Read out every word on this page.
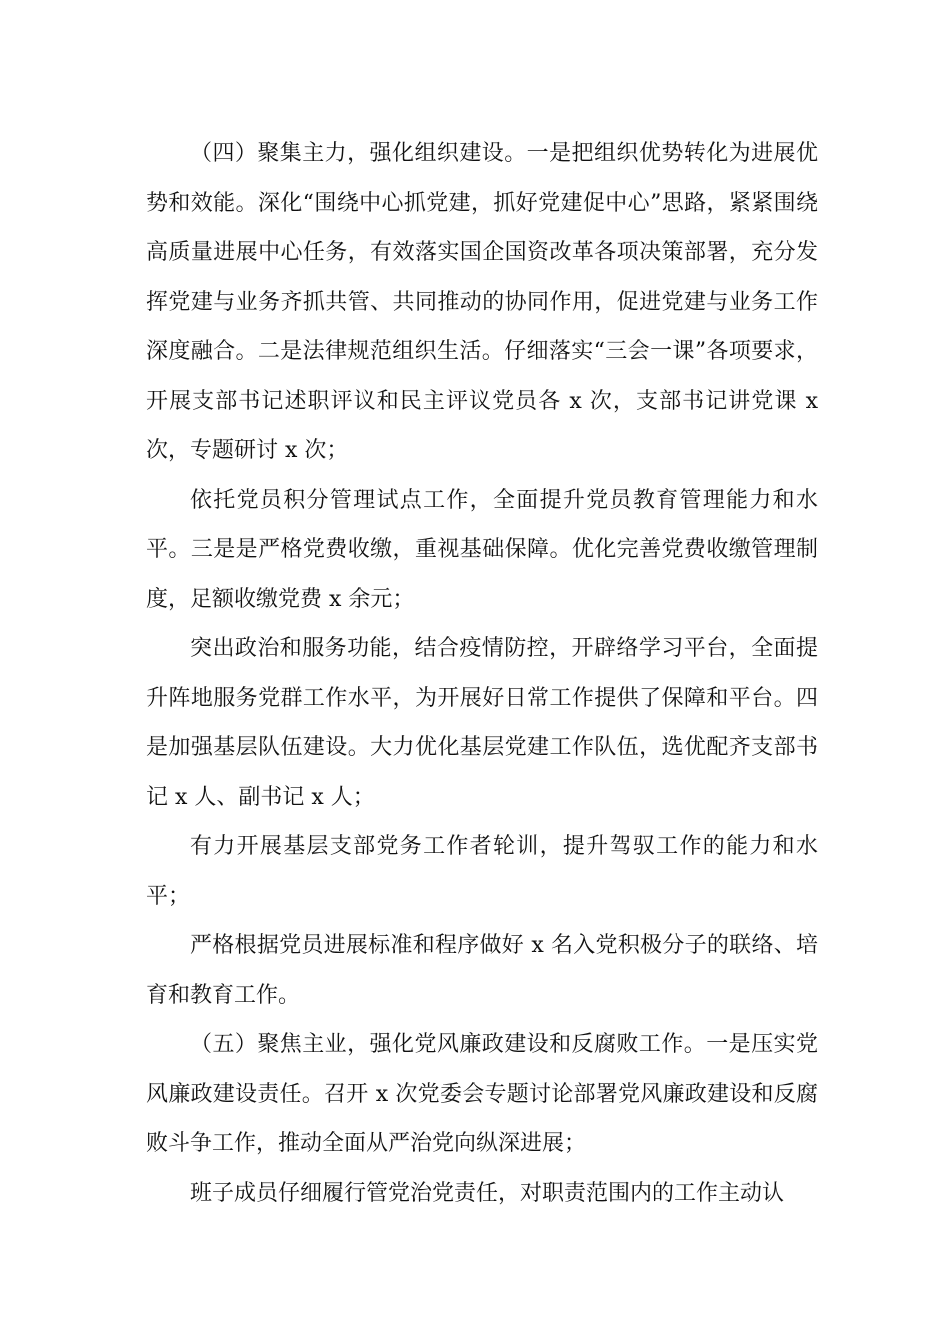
（四）聚集主力，强化组织建设。一是把组织优势转化为进展优势和效能。深化“围绕中心抓党建，抓好党建促中心”思路，紧紧围绕高质量进展中心任务，有效落实国企国资改革各项决策部署，充分发挥党建与业务齐抓共管、共同推动的协同作用，促进党建与业务工作深度融合。二是法律规范组织生活。仔细落实“三会一课”各项要求，开展支部书记述职评议和民主评议党员各 x 次，支部书记讲党课 x 次，专题研讨 x 次；

依托党员积分管理试点工作，全面提升党员教育管理能力和水平。三是是严格党费收缴，重视基础保障。优化完善党费收缴管理制度，足额收缴党费 x 余元；

突出政治和服务功能，结合疫情防控，开辟络学习平台，全面提升阵地服务党群工作水平，为开展好日常工作提供了保障和平台。四是加强基层队伍建设。大力优化基层党建工作队伍，选优配齐支部书记 x 人、副书记 x 人；

有力开展基层支部党务工作者轮训，提升驾驭工作的能力和水平；

严格根据党员进展标准和程序做好 x 名入党积极分子的联络、培育和教育工作。

（五）聚焦主业，强化党风廉政建设和反腐败工作。一是压实党风廉政建设责任。召开 x 次党委会专题讨论部署党风廉政建设和反腐败斗争工作，推动全面从严治党向纵深进展；

班子成员仔细履行管党治党责任，对职责范围内的工作主动认
